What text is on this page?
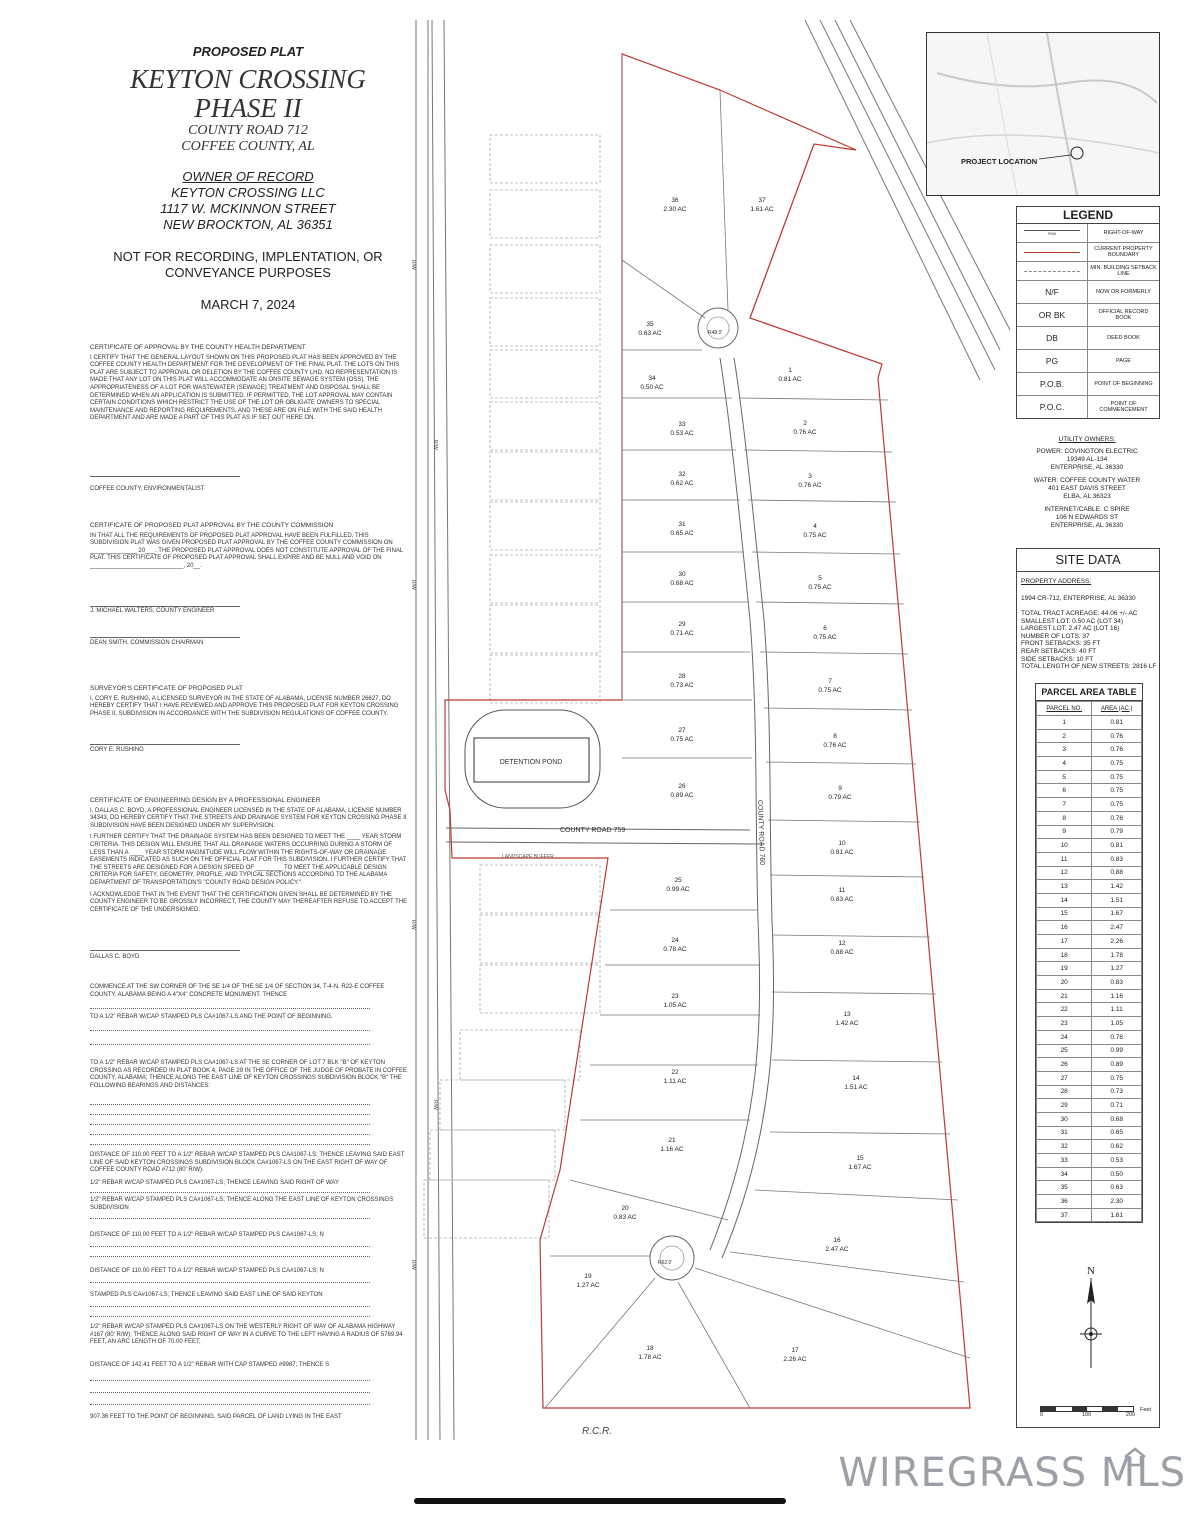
PROPOSED PLAT
KEYTON CROSSING
PHASE II
COUNTY ROAD 712
COFFEE COUNTY, AL
OWNER OF RECORD
KEYTON CROSSING LLC
1117 W. MCKINNON STREET
NEW BROCKTON, AL 36351
NOT FOR RECORDING, IMPLENTATION, OR
CONVEYANCE PURPOSES
MARCH 7, 2024
CERTIFICATE OF APPROVAL BY THE COUNTY HEALTH DEPARTMENT
I CERTIFY THAT THE GENERAL LAYOUT SHOWN ON THIS PROPOSED PLAT HAS BEEN APPROVED BY THE COFFEE COUNTY HEALTH DEPARTMENT FOR THE DEVELOPMENT OF THE FINAL PLAT. THE LOTS ON THIS PLAT ARE SUBJECT TO APPROVAL OR DELETION BY THE COFFEE COUNTY LHD. NO REPRESENTATION IS MADE THAT ANY LOT ON THIS PLAT WILL ACCOMMODATE AN ONSITE SEWAGE SYSTEM (OSS). THE APPROPRIATENESS OF A LOT FOR WASTEWATER (SEWAGE) TREATMENT AND DISPOSAL SHALL BE DETERMINED WHEN AN APPLICATION IS SUBMITTED. IF PERMITTED, THE LOT APPROVAL MAY CONTAIN CERTAIN CONDITIONS WHICH RESTRICT THE USE OF THE LOT OR OBLIGATE OWNERS TO SPECIAL MAINTENANCE AND REPORTING REQUIREMENTS, AND THESE ARE ON FILE WITH THE SAID HEALTH DEPARTMENT AND ARE MADE A PART OF THIS PLAT AS IF SET OUT HERE ON.
COFFEE COUNTY, ENVIRONMENTALIST
CERTIFICATE OF PROPOSED PLAT APPROVAL BY THE COUNTY COMMISSION
IN THAT ALL THE REQUIREMENTS OF PROPOSED PLAT APPROVAL HAVE BEEN FULFILLED, THIS SUBDIVISION PLAT WAS GIVEN PROPOSED PLAT APPROVAL BY THE COFFEE COUNTY COMMISSION ON ______________ 20___. THE PROPOSED PLAT APPROVAL DOES NOT CONSTITUTE APPROVAL OF THE FINAL PLAT. THIS CERTIFICATE OF PROPOSED PLAT APPROVAL SHALL EXPIRE AND BE NULL AND VOID ON ____________________________, 20__.
J. MICHAEL WALTERS, COUNTY ENGINEER
DEAN SMITH, COMMISSION CHAIRMAN
SURVEYOR'S CERTIFICATE OF PROPOSED PLAT
I, CORY E. RUSHING, A LICENSED SURVEYOR IN THE STATE OF ALABAMA, LICENSE NUMBER 26627, DO HEREBY CERTIFY THAT I HAVE REVIEWED AND APPROVE THIS PROPOSED PLAT FOR KEYTON CROSSING PHASE II, SUBDIVISION IN ACCORDANCE WITH THE SUBDIVISION REGULATIONS OF COFFEE COUNTY.
CORY E. RUSHING
CERTIFICATE OF ENGINEERING DESIGN BY A PROFESSIONAL ENGINEER
I, DALLAS C. BOYD, A PROFESSIONAL ENGINEER LICENSED IN THE STATE OF ALABAMA, LICENSE NUMBER 34343, DO HEREBY CERTIFY THAT THE STREETS AND DRAINAGE SYSTEM FOR KEYTON CROSSING PHASE II SUBDIVISION HAVE BEEN DESIGNED UNDER MY SUPERVISION.
I FURTHER CERTIFY THAT THE DRAINAGE SYSTEM HAS BEEN DESIGNED TO MEET THE ____ YEAR STORM CRITERIA. THIS DESIGN WILL ENSURE THAT ALL DRAINAGE WATERS OCCURRING DURING A STORM OF LESS THAN A ____ YEAR STORM MAGNITUDE WILL FLOW WITHIN THE RIGHTS-OF-WAY OR DRAINAGE EASEMENTS INDICATED AS SUCH ON THE OFFICIAL PLAT FOR THIS SUBDIVISION. I FURTHER CERTIFY THAT THE STREETS ARE DESIGNED FOR A DESIGN SPEED OF ________ TO MEET THE APPLICABLE DESIGN CRITERIA FOR SAFETY, GEOMETRY, PROFILE, AND TYPICAL SECTIONS ACCORDING TO THE ALABAMA DEPARTMENT OF TRANSPORTATION'S "COUNTY ROAD DESIGN POLICY."
I ACKNOWLEDGE THAT IN THE EVENT THAT THE CERTIFICATION GIVEN SHALL BE DETERMINED BY THE COUNTY ENGINEER TO BE GROSSLY INCORRECT, THE COUNTY MAY THEREAFTER REFUSE TO ACCEPT THE CERTIFICATE OF THE UNDERSIGNED.
DALLAS C. BOYD
COMMENCE AT THE SW CORNER OF THE SE 1/4 OF THE SE 1/4 OF SECTION 34, T-4-N, R22-E COFFEE COUNTY, ALABAMA BEING A 4"X4" CONCRETE MONUMENT. THENCE
TO A 1/2" REBAR W/CAP STAMPED PLS CA#1067-LS AND THE POINT OF BEGINNING.
TO A 1/2" REBAR W/CAP STAMPED PLS CA#1067-LS AT THE SE CORNER OF LOT 7 BLK "B" OF KEYTON CROSSING AS RECORDED IN PLAT BOOK 4, PAGE 29 IN THE OFFICE OF THE JUDGE OF PROBATE IN COFFEE COUNTY, ALABAMA; THENCE ALONG THE EAST LINE OF KEYTON CROSSINGS SUBDIVISION BLOCK "B" THE FOLLOWING BEARINGS AND DISTANCES:
DISTANCE OF 110.00 FEET TO A 1/2" REBAR W/CAP STAMPED PLS CA#1067-LS; THENCE LEAVING SAID EAST LINE OF SAID KEYTON CROSSINGS SUBDIVISION BLOCK CA#1067-LS ON THE EAST RIGHT OF WAY OF COFFEE COUNTY ROAD #712 (80' R/W).
1/2" REBAR W/CAP STAMPED PLS CA#1067-LS; THENCE LEAVING SAID RIGHT OF WAY
1/2" REBAR W/CAP STAMPED PLS CA#1067-LS; THENCE ALONG THE EAST LINE OF KEYTON CROSSINGS SUBDIVISION
DISTANCE OF 110.00 FEET TO A 1/2" REBAR W/CAP STAMPED PLS CA#1067-LS; N
DISTANCE OF 110.00 FEET TO A 1/2" REBAR W/CAP STAMPED PLS CA#1067-LS; N
STAMPED PLS CA#1067-LS; THENCE LEAVING SAID EAST LINE OF SAID KEYTON
1/2" REBAR W/CAP STAMPED PLS CA#1067-LS ON THE WESTERLY RIGHT OF WAY OF ALABAMA HIGHWAY #167 (80' R/W); THENCE ALONG SAID RIGHT OF WAY IN A CURVE TO THE LEFT HAVING A RADIUS OF 5769.94 FEET, AN ARC LENGTH OF 70.00 FEET,
DISTANCE OF 142.41 FEET TO A 1/2" REBAR WITH CAP STAMPED #9987; THENCE S
907.36 FEET TO THE POINT OF BEGINNING. SAID PARCEL OF LAND LYING IN THE EAST
DETENTION POND
COUNTY ROAD 759	COUNTY ROAD 760
LANDSCAPE BUFFER
R48.0'
R62.0'
R.C.R.
R/W
R/W
R/W
R/W
R/W
R/W
1
0.81 AC
2
0.76 AC
3
0.76 AC
4
0.75 AC
5
0.75 AC
6
0.75 AC
7
0.75 AC
8
0.76 AC
9
0.79 AC
10
0.81 AC
11
0.83 AC
12
0.88 AC
13
1.42 AC
14
1.51 AC
15
1.67 AC
16
2.47 AC
17
2.26 AC
18
1.78 AC
19
1.27 AC
20
0.83 AC
21
1.16 AC
22
1.11 AC
23
1.05 AC
24
0.78 AC
25
0.99 AC
26
0.89 AC
27
0.75 AC
28
0.73 AC
29
0.71 AC
30
0.68 AC
31
0.65 AC
32
0.62 AC
33
0.53 AC
34
0.50 AC
35
0.63 AC
36
2.30 AC
37
1.61 AC
PROJECT LOCATION
LEGEND
R/W	RIGHT-OF-WAY
CURRENT PROPERTY BOUNDARY
MIN. BUILDING SETBACK LINE
N/F	NOW OR FORMERLY
OR BK	OFFICIAL RECORD BOOK
DB	DEED BOOK
PG	PAGE
P.O.B.	POINT OF BEGINNING
P.O.C.	POINT OF COMMENCEMENT
UTILITY OWNERS:
POWER: COVINGTON ELECTRIC
19349 AL-134
ENTERPRISE, AL 36330
WATER: COFFEE COUNTY WATER
401 EAST DAVIS STREET
ELBA, AL 36323
INTERNET/CABLE: C SPIRE
106 N EDWARDS ST
ENTERPRISE, AL 36330
SITE DATA
PROPERTY ADDRESS:
1994 CR-712, ENTERPRISE, AL 36330
TOTAL TRACT ACREAGE: 44.06 +/- AC
SMALLEST LOT: 0.50 AC (LOT 34)
LARGEST LOT: 2.47 AC (LOT 16)
NUMBER OF LOTS: 37
FRONT SETBACKS: 35 FT
REAR SETBACKS: 40 FT
SIDE SETBACKS: 10 FT
TOTAL LENGTH OF NEW STREETS: 2816 LF
PARCEL AREA TABLE
PARCEL NO.	AREA (AC.)
1	0.81
2	0.76
3	0.76
4	0.75
5	0.75
6	0.75
7	0.75
8	0.76
9	0.79
10	0.81
11	0.83
12	0.88
13	1.42
14	1.51
15	1.67
16	2.47
17	2.26
18	1.78
19	1.27
20	0.83
21	1.16
22	1.11
23	1.05
24	0.78
25	0.99
26	0.89
27	0.75
28	0.73
29	0.71
30	0.68
31	0.65
32	0.62
33	0.53
34	0.50
35	0.63
36	2.30
37	1.61
N
0	100	200
Feet
WIREGRASS MLS
